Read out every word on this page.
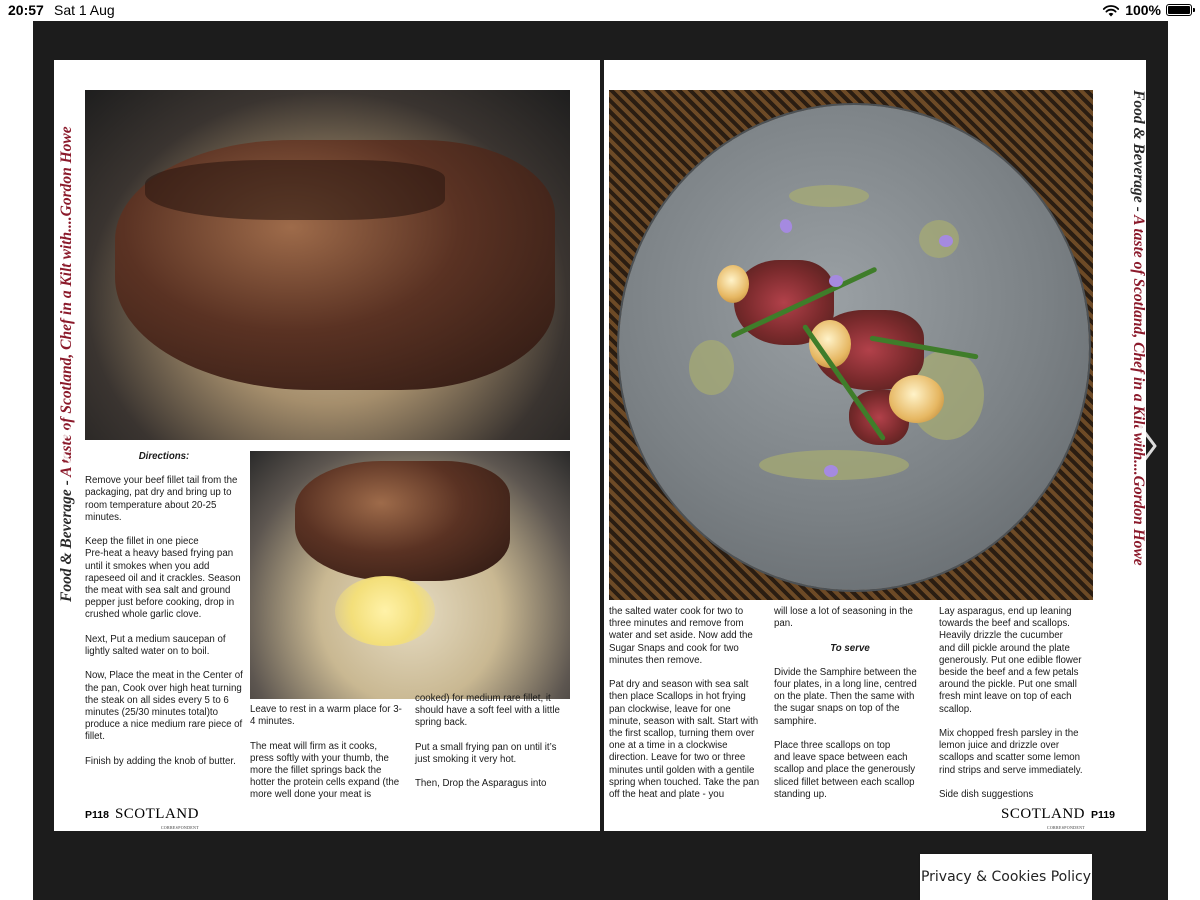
20:57 Sat 1 Aug	100%
Food & Beverage - A taste of Scotland, Chef in a Kilt with....Gordon Howe	Directions:

Remove your beef fillet tail from the packaging, pat dry and bring up to room temperature about 20-25 minutes.

Keep the fillet in one piece
Pre-heat a heavy based frying pan until it smokes when you add rapeseed oil and it crackles. Season the meat with sea salt and ground pepper just before cooking, drop in crushed whole garlic clove.

Next, Put a medium saucepan of lightly salted water on to boil.

Now, Place the meat in the Center of the pan, Cook over high heat turning the steak on all sides every 5 to 6 minutes (25/30 minutes total)to produce a nice medium rare piece of fillet.

Finish by adding the knob of butter.

Leave to rest in a warm place for 3-4 minutes.

The meat will firm as it cooks, press softly with your thumb, the more the fillet springs back the hotter the protein cells expand (the more well done your meat is

cooked) for medium rare fillet, it should have a soft feel with a little spring back.

Put a small frying pan on until it’s just smoking it very hot.

Then, Drop the Asparagus into

P118 SCOTLAND
CORRESPONDENT
Food & Beverage - A taste of Scotland, Chef in a Kilt with....Gordon Howe

the salted water cook for two to three minutes and remove from water and set aside. Now add the Sugar Snaps and cook for two minutes then remove.

Pat dry and season with sea salt then place Scallops in hot frying pan clockwise, leave for one minute, season with salt. Start with the first scallop, turning them over one at a time in a clockwise direction. Leave for two or three minutes until golden with a gentile spring when touched. Take the pan off the heat and plate - you

will lose a lot of seasoning in the pan.

To serve

Divide the Samphire between the four plates, in a long line, centred on the plate. Then the same with the sugar snaps on top of the samphire.

Place three scallops on top
and leave space between each scallop and place the generously sliced fillet between each scallop standing up.

Lay asparagus, end up leaning towards the beef and scallops. Heavily drizzle the cucumber
and dill pickle around the plate generously. Put one edible flower beside the beef and a few petals around the pickle. Put one small fresh mint leave on top of each scallop.

Mix chopped fresh parsley in the lemon juice and drizzle over scallops and scatter some lemon rind strips and serve immediately.

Side dish suggestions

SCOTLAND
CORRESPONDENT
P119
Privacy & Cookies Policy
